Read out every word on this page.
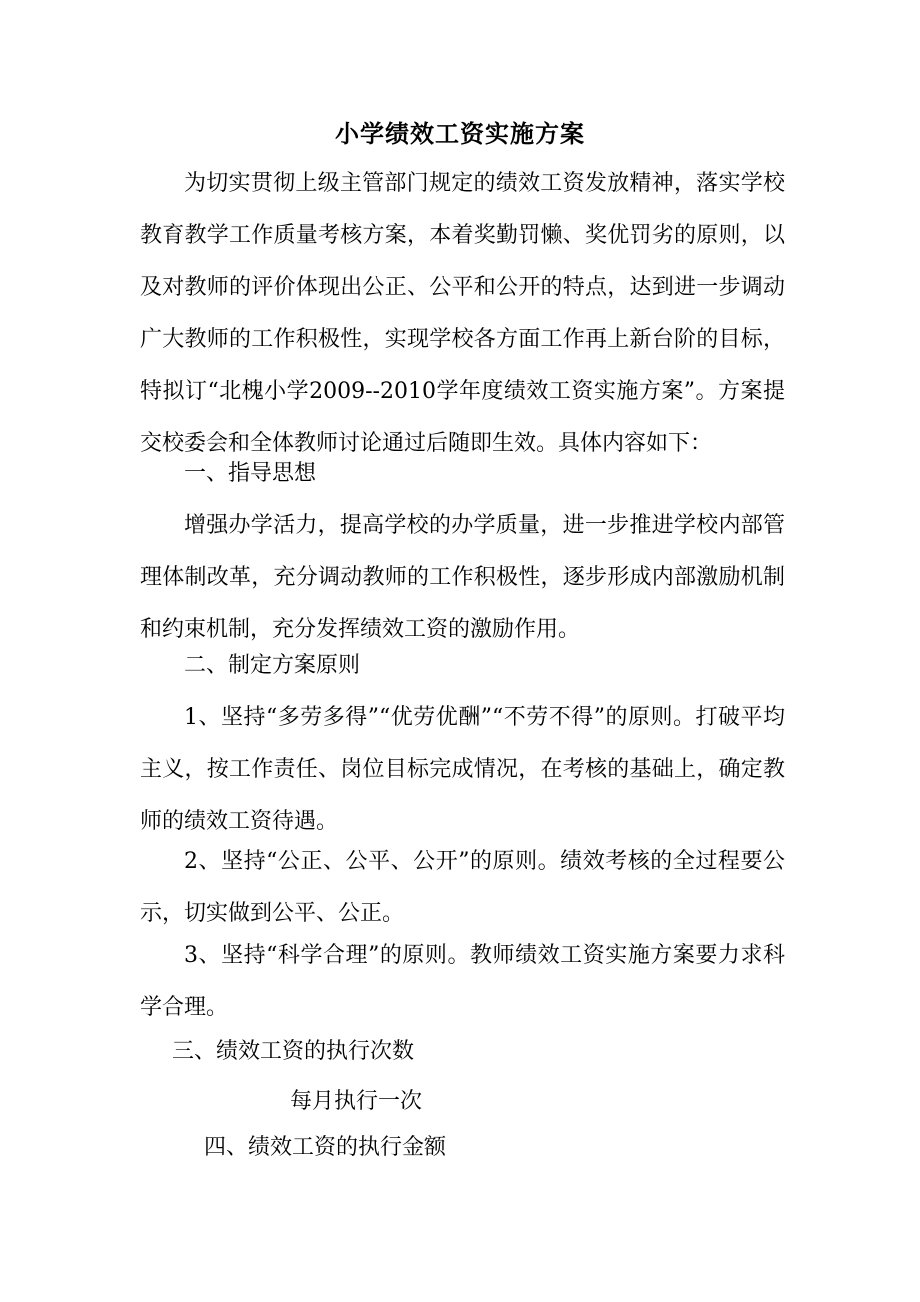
小学绩效工资实施方案

为切实贯彻上级主管部门规定的绩效工资发放精神，落实学校教育教学工作质量考核方案，本着奖勤罚懒、奖优罚劣的原则，以及对教师的评价体现出公正、公平和公开的特点，达到进一步调动广大教师的工作积极性，实现学校各方面工作再上新台阶的目标，特拟订“北槐小学2009--2010学年度绩效工资实施方案”。方案提交校委会和全体教师讨论通过后随即生效。具体内容如下：

一、指导思想

增强办学活力，提高学校的办学质量，进一步推进学校内部管理体制改革，充分调动教师的工作积极性，逐步形成内部激励机制和约束机制，充分发挥绩效工资的激励作用。

二、制定方案原则

1、坚持“多劳多得”“优劳优酬”“不劳不得”的原则。打破平均主义，按工作责任、岗位目标完成情况，在考核的基础上，确定教师的绩效工资待遇。

2、坚持“公正、公平、公开”的原则。绩效考核的全过程要公示，切实做到公平、公正。

3、坚持“科学合理”的原则。教师绩效工资实施方案要力求科学合理。

三、绩效工资的执行次数

每月执行一次

四、绩效工资的执行金额
